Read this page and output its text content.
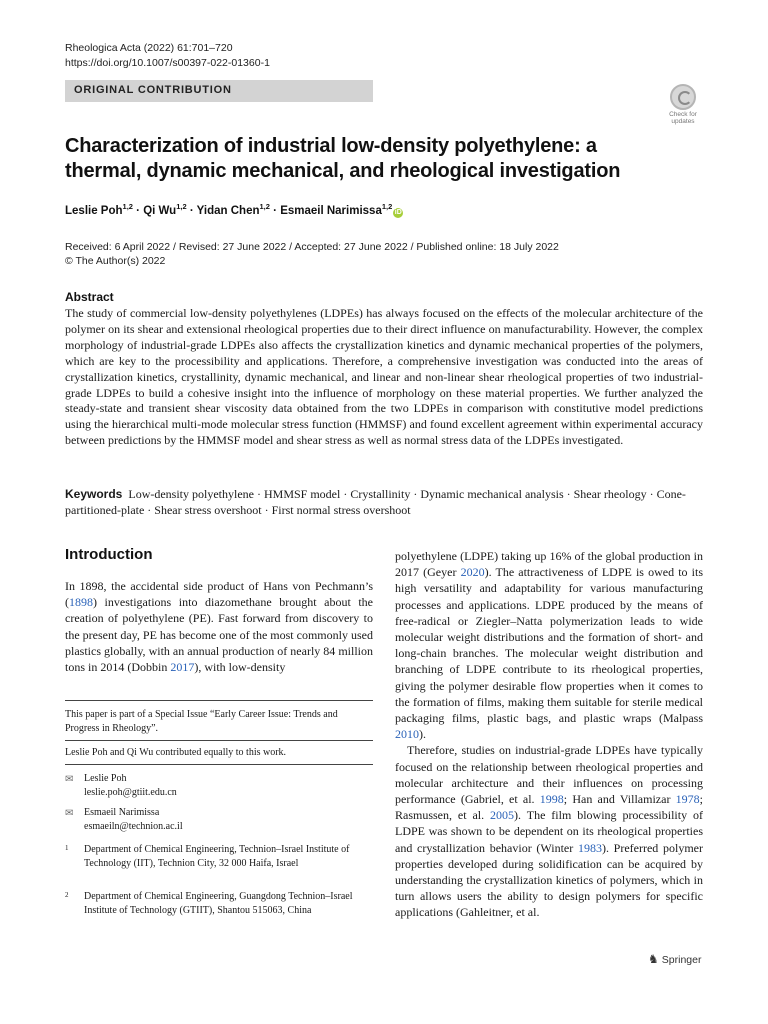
Rheologica Acta (2022) 61:701–720
https://doi.org/10.1007/s00397-022-01360-1
ORIGINAL CONTRIBUTION
Check for
updates
Characterization of industrial low-density polyethylene: a thermal, dynamic mechanical, and rheological investigation
Leslie Poh$^{1,2}$ · Qi Wu$^{1,2}$ · Yidan Chen$^{1,2}$ · Esmaeil Narimissa$^{1,2}$iD
Received: 6 April 2022 / Revised: 27 June 2022 / Accepted: 27 June 2022 / Published online: 18 July 2022
© The Author(s) 2022
Abstract
The study of commercial low-density polyethylenes (LDPEs) has always focused on the effects of the molecular architecture of the polymer on its shear and extensional rheological properties due to their direct influence on manufacturability. However, the complex morphology of industrial-grade LDPEs also affects the crystallization kinetics and dynamic mechanical properties of the polymers, which are key to the processibility and applications. Therefore, a comprehensive investigation was conducted into the areas of crystallization kinetics, crystallinity, dynamic mechanical, and linear and non-linear shear rheological properties of two industrial-grade LDPEs to build a cohesive insight into the influence of morphology on these material properties. We further analyzed the steady-state and transient shear viscosity data obtained from the two LDPEs in comparison with constitutive model predictions using the hierarchical multi-mode molecular stress function (HMMSF) and found excellent agreement within experimental accuracy between predictions by the HMMSF model and shear stress as well as normal stress data of the LDPEs investigated.
Keywords Low-density polyethylene · HMMSF model · Crystallinity · Dynamic mechanical analysis · Shear rheology · Cone-partitioned-plate · Shear stress overshoot · First normal stress overshoot
Introduction
In 1898, the accidental side product of Hans von Pechmann’s (1898) investigations into diazomethane brought about the creation of polyethylene (PE). Fast forward from discovery to the present day, PE has become one of the most commonly used plastics globally, with an annual production of nearly 84 million tons in 2014 (Dobbin 2017), with low-density

polyethylene (LDPE) taking up 16% of the global production in 2017 (Geyer 2020). The attractiveness of LDPE is owed to its high versatility and adaptability for various manufacturing processes and applications. LDPE produced by the means of free-radical or Ziegler–Natta polymerization leads to wide molecular weight distributions and the formation of short- and long-chain branches. The molecular weight distribution and branching of LDPE contribute to its rheological properties, giving the polymer desirable flow properties when it comes to the formation of films, making them suitable for sterile medical packaging films, plastic bags, and plastic wraps (Malpass 2010).

Therefore, studies on industrial-grade LDPEs have typically focused on the relationship between rheological properties and molecular architecture and their influences on processing performance (Gabriel, et al. 1998; Han and Villamizar 1978; Rasmussen, et al. 2005). The film blowing processibility of LDPE was shown to be dependent on its rheological properties and crystallization behavior (Winter 1983). Preferred polymer properties developed during solidification can be acquired by understanding the crystallization kinetics of polymers, which in turn allows users the ability to design polymers for specific applications (Gahleitner, et al.

This paper is part of a Special Issue “Early Career Issue: Trends and Progress in Rheology”.
Leslie Poh and Qi Wu contributed equally to this work.
✉ Leslie Poh
leslie.poh@gtiit.edu.cn
✉ Esmaeil Narimissa
esmaeiln@technion.ac.il
1 Department of Chemical Engineering, Technion–Israel Institute of Technology (IIT), Technion City, 32 000 Haifa, Israel
2 Department of Chemical Engineering, Guangdong Technion–Israel Institute of Technology (GTIIT), Shantou 515063, China
♞ Springer
